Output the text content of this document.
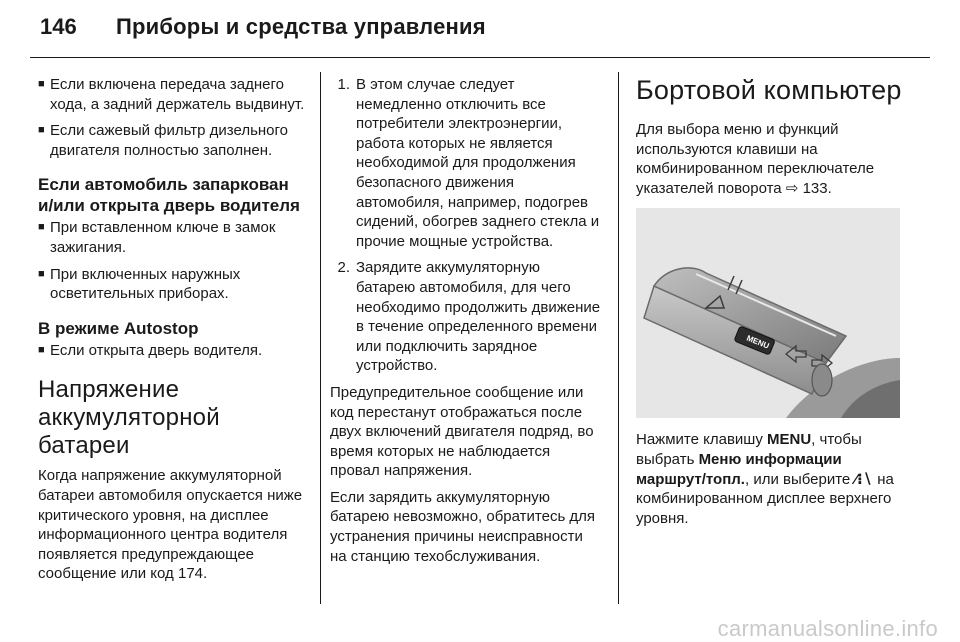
146	Приборы и средства управления
■ Если включена передача заднего хода, а задний держатель выдвинут.
■ Если сажевый фильтр дизельного двигателя полностью заполнен.
Если автомобиль запаркован и/или открыта дверь водителя
■ При вставленном ключе в замок зажигания.
■ При включенных наружных осветительных приборах.
В режиме Autostop
■ Если открыта дверь водителя.
Напряжение аккумуляторной батареи

Когда напряжение аккумуляторной батареи автомобиля опускается ниже критического уровня, на дисплее информационного центра водителя появляется предупреждающее сообщение или код 174.

1. В этом случае следует немедленно отключить все потребители электроэнергии, работа которых не является необходимой для продолжения безопасного движения автомобиля, например, подогрев сидений, обогрев заднего стекла и прочие мощные устройства.
2. Зарядите аккумуляторную батарею автомобиля, для чего необходимо продолжить движение в течение определенного времени или подключить зарядное устройство.

Предупредительное сообщение или код перестанут отображаться после двух включений двигателя подряд, во время которых не наблюдается провал напряжения.

Если зарядить аккумуляторную батарею невозможно, обратитесь для устранения причины неисправности на станцию техобслуживания.

Бортовой компьютер

Для выбора меню и функций используются клавиши на комбинированном переключателе указателей поворота ⇨ 133.

MENU

Нажмите клавишу MENU, чтобы выбрать Меню информации маршрут/топл., или выберите ⁄⁝∖ на комбинированном дисплее верхнего уровня.

carmanualsonline.info
